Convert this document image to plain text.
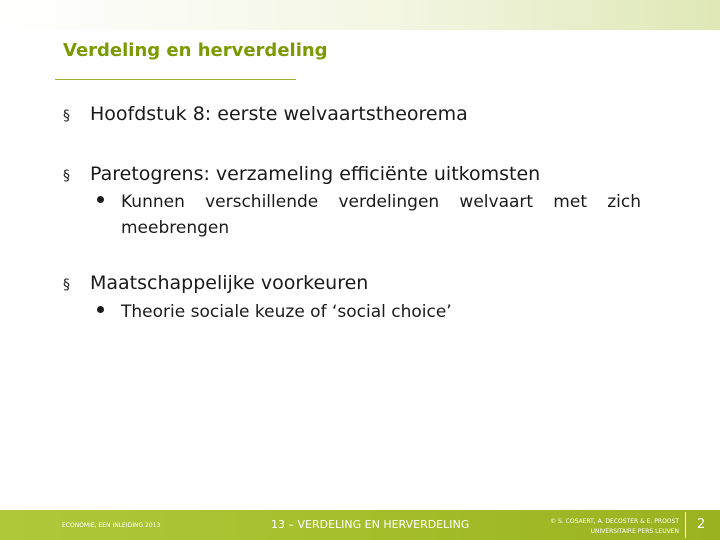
Verdeling en herverdeling
§ Hoofdstuk 8: eerste welvaartstheorema
§ Paretogrens: verzameling efficiënte uitkomsten
Kunnen verschillende verdelingen welvaart met zich meebrengen
§ Maatschappelijke voorkeuren
Theorie sociale keuze of ‘social choice’
ECONOMIE, EEN INLEIDING 2013	13 – VERDELING EN HERVERDELING	© S. COSAERT, A. DECOSTER & E. PROOST
UNIVERSITAIRE PERS LEUVEN 2
